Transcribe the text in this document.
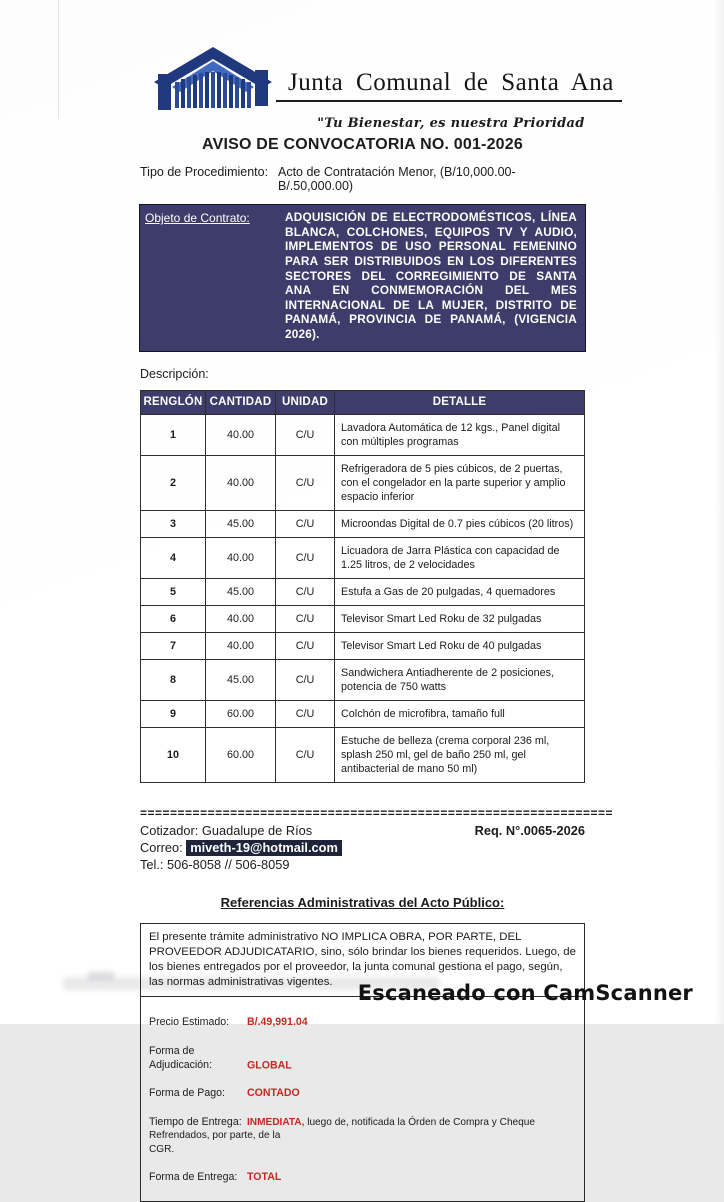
Junta Comunal de Santa Ana
"Tu Bienestar, es nuestra Prioridad
AVISO DE CONVOCATORIA NO. 001-2026
Tipo de Procedimiento: Acto de Contratación Menor, (B/10,000.00-B/.50,000.00)
Objeto de Contrato:	ADQUISICIÓN DE ELECTRODOMÉSTICOS, LÍNEA BLANCA, COLCHONES, EQUIPOS TV Y AUDIO, IMPLEMENTOS DE USO PERSONAL FEMENINO PARA SER DISTRIBUIDOS EN LOS DIFERENTES SECTORES DEL CORREGIMIENTO DE SANTA ANA EN CONMEMORACIÓN DEL MES INTERNACIONAL DE LA MUJER, DISTRITO DE PANAMÁ, PROVINCIA DE PANAMÁ, (VIGENCIA 2026).

Descripción:
RENGLÓN	CANTIDAD	UNIDAD	DETALLE
1	40.00	C/U	Lavadora Automática de 12 kgs., Panel digital con múltiples programas
2	40.00	C/U	Refrigeradora de 5 pies cúbicos, de 2 puertas, con el congelador en la parte superior y amplio espacio inferior
3	45.00	C/U	Microondas Digital de 0.7 pies cúbicos (20 litros)
4	40.00	C/U	Licuadora de Jarra Plástica con capacidad de 1.25 litros, de 2 velocidades
5	45.00	C/U	Estufa a Gas de 20 pulgadas, 4 quemadores
6	40.00	C/U	Televisor Smart Led Roku de 32 pulgadas
7	40.00	C/U	Televisor Smart Led Roku de 40 pulgadas
8	45.00	C/U	Sandwichera Antiadherente de 2 posiciones, potencia de 750 watts
9	60.00	C/U	Colchón de microfibra, tamaño full
10	60.00	C/U	Estuche de belleza (crema corporal 236 ml, splash 250 ml, gel de baño 250 ml, gel antibacterial de mano 50 ml)
===============================================================
Cotizador: Guadalupe de Ríos	Req. N°.0065-2026
Correo: miveth-19@hotmail.com
Tel.: 506-8058 // 506-8059
Referencias Administrativas del Acto Público:

El presente trámite administrativo NO IMPLICA OBRA, POR PARTE, DEL PROVEEDOR ADJUDICATARIO, sino, sólo brindar los bienes requeridos. Luego, de los bienes entregados por el proveedor, la junta comunal gestiona el pago, según, las normas administrativas vigentes.

Precio Estimado: B/.49,991.04

Forma de Adjudicación:	GLOBAL

Forma de Pago: CONTADO

Tiempo de Entrega: INMEDIATA, luego de, notificada la Órden de Compra y Cheque Refrendados, por parte, de la
CGR.

Forma de Entrega: TOTAL

Escaneado con CamScanner
